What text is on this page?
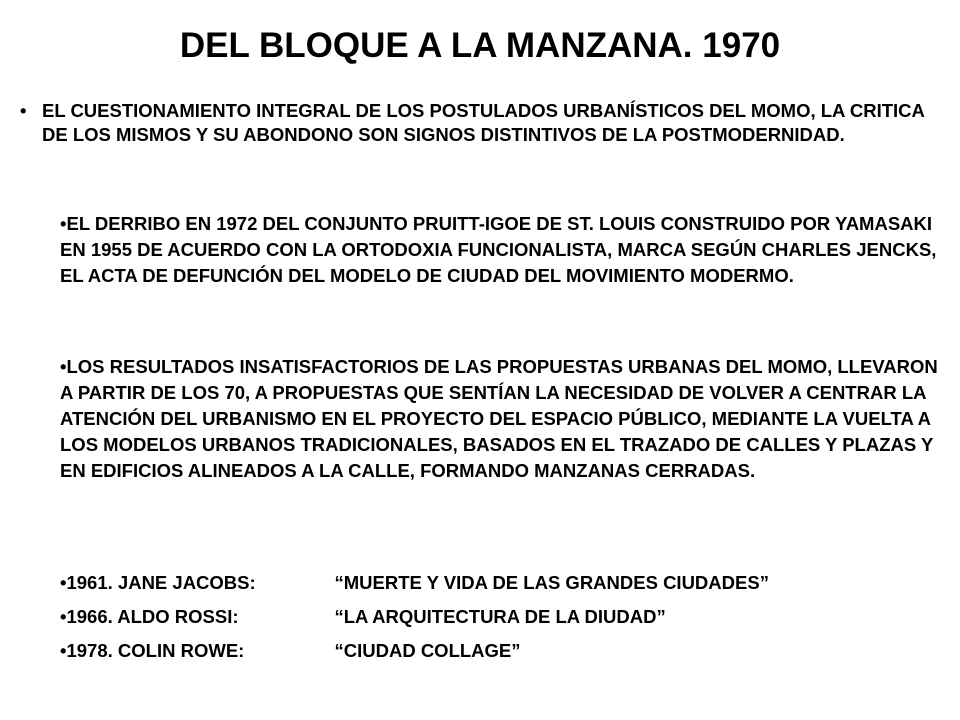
DEL BLOQUE A LA MANZANA. 1970
• EL CUESTIONAMIENTO INTEGRAL DE LOS POSTULADOS URBANÍSTICOS DEL MOMO, LA CRITICA DE LOS MISMOS Y SU ABONDONO SON SIGNOS DISTINTIVOS DE LA POSTMODERNIDAD.

•EL DERRIBO EN 1972 DEL CONJUNTO PRUITT-IGOE DE ST. LOUIS CONSTRUIDO POR YAMASAKI EN 1955 DE ACUERDO CON LA ORTODOXIA FUNCIONALISTA, MARCA SEGÚN CHARLES JENCKS, EL ACTA DE DEFUNCIÓN DEL MODELO DE CIUDAD DEL MOVIMIENTO MODERMO.

•LOS RESULTADOS INSATISFACTORIOS DE LAS PROPUESTAS URBANAS DEL MOMO, LLEVARON A PARTIR DE LOS 70, A PROPUESTAS QUE SENTÍAN LA NECESIDAD DE VOLVER A CENTRAR LA ATENCIÓN DEL URBANISMO EN EL PROYECTO DEL ESPACIO PÚBLICO, MEDIANTE LA VUELTA A LOS MODELOS URBANOS TRADICIONALES, BASADOS EN EL TRAZADO DE CALLES Y PLAZAS Y EN EDIFICIOS ALINEADOS A LA CALLE, FORMANDO MANZANAS CERRADAS.

•1961. JANE JACOBS:	“MUERTE Y VIDA DE LAS GRANDES CIUDADES”
•1966. ALDO ROSSI:	“LA ARQUITECTURA DE LA DIUDAD”
•1978. COLIN ROWE:	“CIUDAD COLLAGE”
